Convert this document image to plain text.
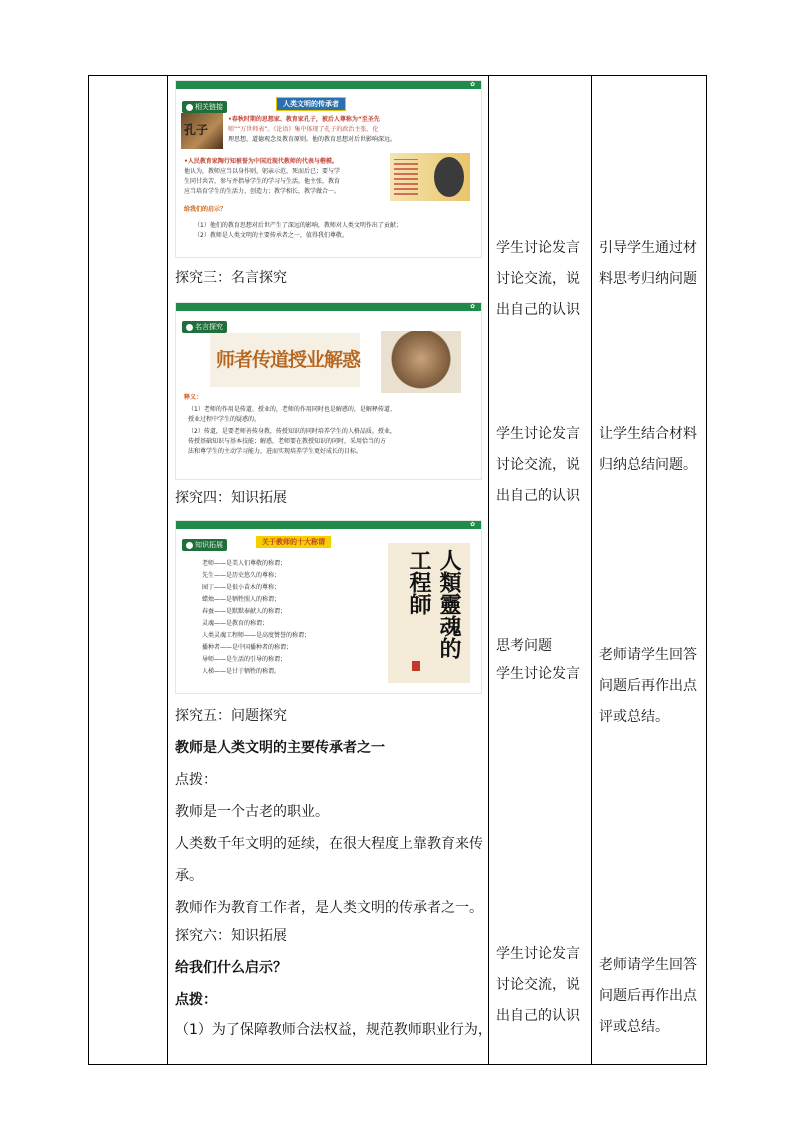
✿
相关链接	人类文明的传承者
孔子
•春秋时期的思想家、教育家孔子，被后人尊称为“至圣先
师”“万世师表”。《论语》集中体现了孔子的政治主张、伦
理思想，道德观念及教育原则。他的教育思想对后世影响深远。
•人民教育家陶行知被誉为中国近现代教师的代表与楷模。
他认为，教师应当以身作则，躬亲示范，死而后已；要与学
生同甘共苦，参与并指导学生的学习与生活。他主张，教育
应当培育学生的生活力、创造力；教学相长，教学做合一。
给我们的启示？
（1）他们的教育思想对后世产生了深远的影响，教师对人类文明作出了贡献；
（2）教师是人类文明的主要传承者之一，值得我们尊敬。
探究三：名言探究
✿
名言探究
师者传道授业解惑
释义：
（1）老师的作用是传道、授业的，老师的作用同时也是解惑的，是解释传道、
授业过程中学生的疑惑的。
（2）传道，是要老师善传身教，传授知识的同时培养学生的人格品质。授业，
传授基础知识与基本技能；解惑，老师要在教授知识的同时，采用恰当的方
法和尊学生的主动学习能力，进而实现培养学生更好成长的目标。
探究四：知识拓展
✿
知识拓展	关于教师的十大称谓
老师——是美人们尊敬的称谓；
先生——是历史悠久的尊称；
园丁——是很小苗木的尊称；
蜡烛——是牺牲照人的称谓；
春蚕——是默默奉献人的称谓；
灵魂——是教育的称谓；
人类灵魂工程师——是高度赞誉的称谓；
播种者——是中国播种者的称谓；
导师——是生活的引导的称谓；
人梯——是甘于牺牲的称谓。
人類靈魂的工程師
探究五：问题探究
教师是人类文明的主要传承者之一
点拨：
教师是一个古老的职业。
人类数千年文明的延续，在很大程度上靠教育来传
承。
教师作为教育工作者，是人类文明的传承者之一。
探究六：知识拓展
给我们什么启示？
点拨：
（1）为了保障教师合法权益，规范教师职业行为，
学生讨论发言
讨论交流，说
出自己的认识
学生讨论发言
讨论交流，说
出自己的认识
思考问题
学生讨论发言
学生讨论发言
讨论交流，说
出自己的认识
引导学生通过材
料思考归纳问题
让学生结合材料
归纳总结问题。
老师请学生回答
问题后再作出点
评或总结。
老师请学生回答
问题后再作出点
评或总结。
